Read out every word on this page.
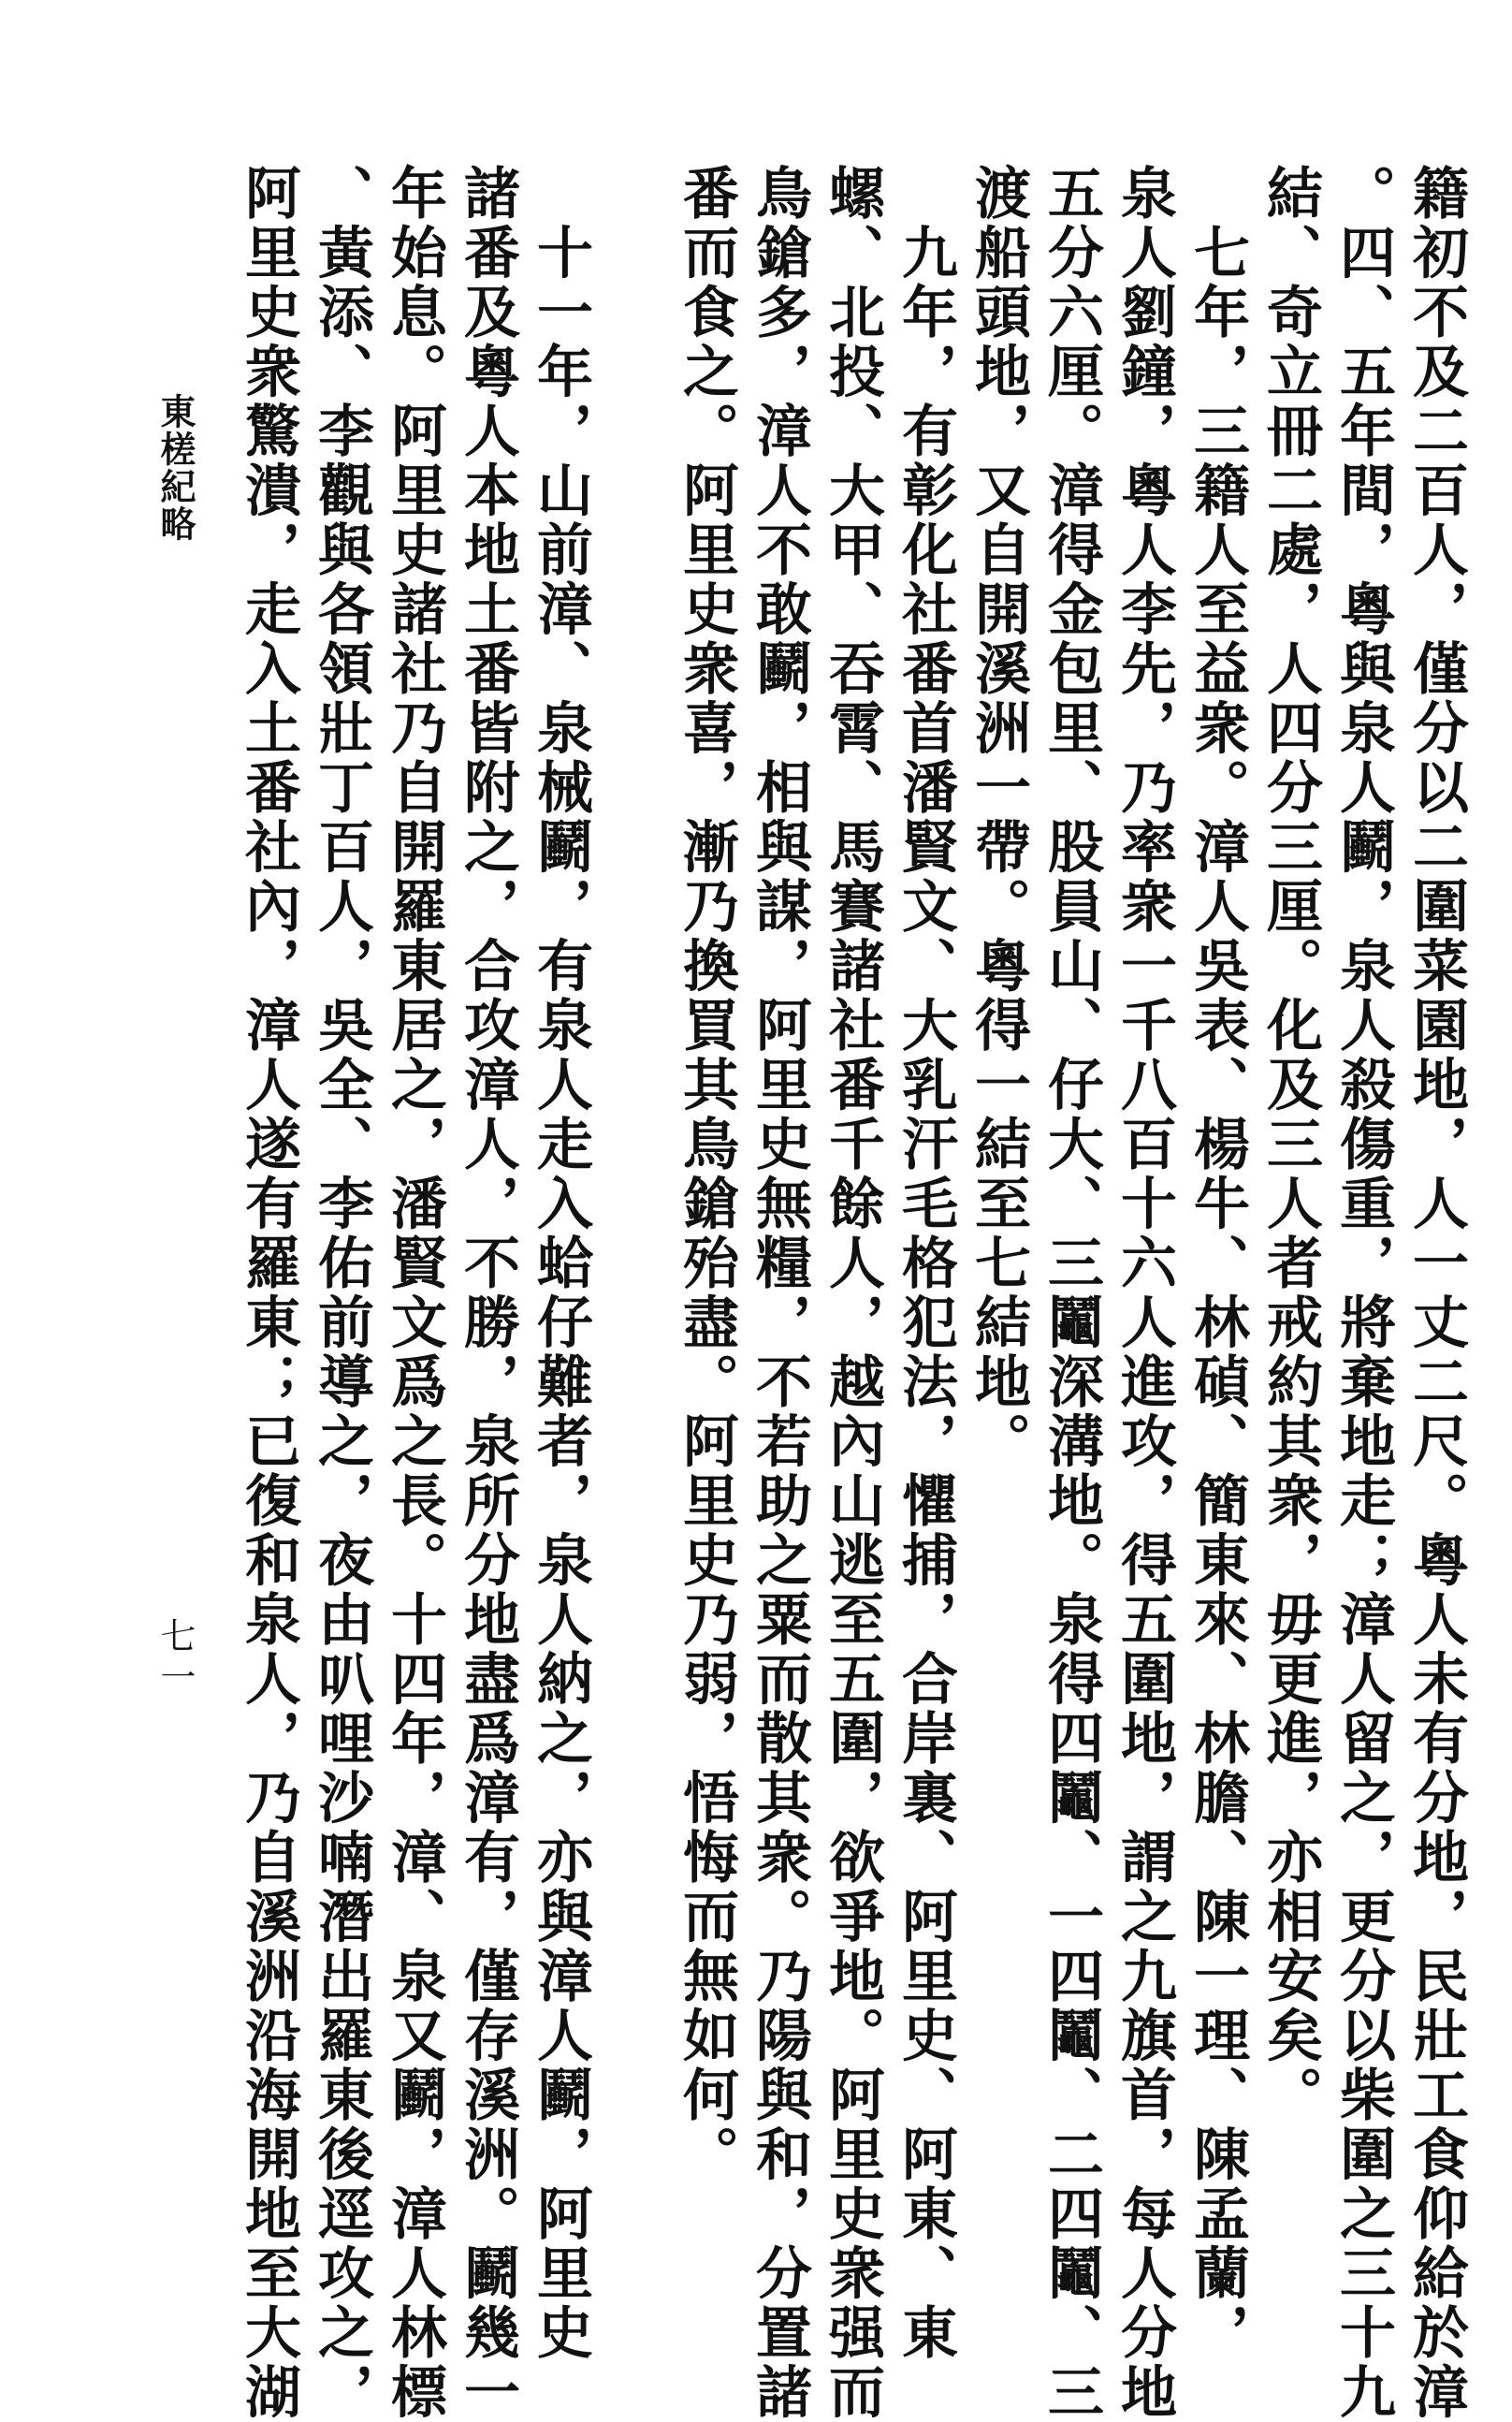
籍初不及二百人，僅分以二圍菜園地，人一丈二尺。粵人未有分地，民壯工食仰給於漳
。四、五年間，粵與泉人鬬，泉人殺傷重，將棄地走；漳人留之，更分以柴圍之三十九
結、奇立冊二處，人四分三厘。化及三人者戒約其衆，毋更進，亦相安矣。
　七年，三籍人至益衆。漳人吳表、楊牛、林碵、簡東來、林膽、陳一理、陳孟蘭，
泉人劉鐘，粵人李先，乃率衆一千八百十六人進攻，得五圍地，謂之九旗首，每人分地
五分六厘。漳得金包里、股員山、仔大、三鬮深溝地。泉得四鬮、一四鬮、二四鬮、三
渡船頭地，又自開溪洲一帶。粵得一結至七結地。
　九年，有彰化社番首潘賢文、大乳汗毛格犯法，懼捕，合岸裏、阿里史、阿東、東
螺、北投、大甲、吞霄、馬賽諸社番千餘人，越內山逃至五圍，欲爭地。阿里史衆强而
鳥鎗多，漳人不敢鬬，相與謀，阿里史無糧，不若助之粟而散其衆。乃陽與和，分置諸
番而食之。阿里史衆喜，漸乃換買其鳥鎗殆盡。阿里史乃弱，悟悔而無如何。
　十一年，山前漳、泉械鬬，有泉人走入蛤仔難者，泉人納之，亦與漳人鬬，阿里史
諸番及粵人本地土番皆附之，合攻漳人，不勝，泉所分地盡爲漳有，僅存溪洲。鬬幾一
年始息。阿里史諸社乃自開羅東居之，潘賢文爲之長。十四年，漳、泉又鬬，漳人林標
、黃添、李觀與各領壯丁百人，吳全、李佑前導之，夜由叭哩沙喃潛出羅東後逕攻之，
阿里史衆驚潰，走入土番社內，漳人遂有羅東；已復和泉人，乃自溪洲沿海開地至大湖
東槎紀略
七一
